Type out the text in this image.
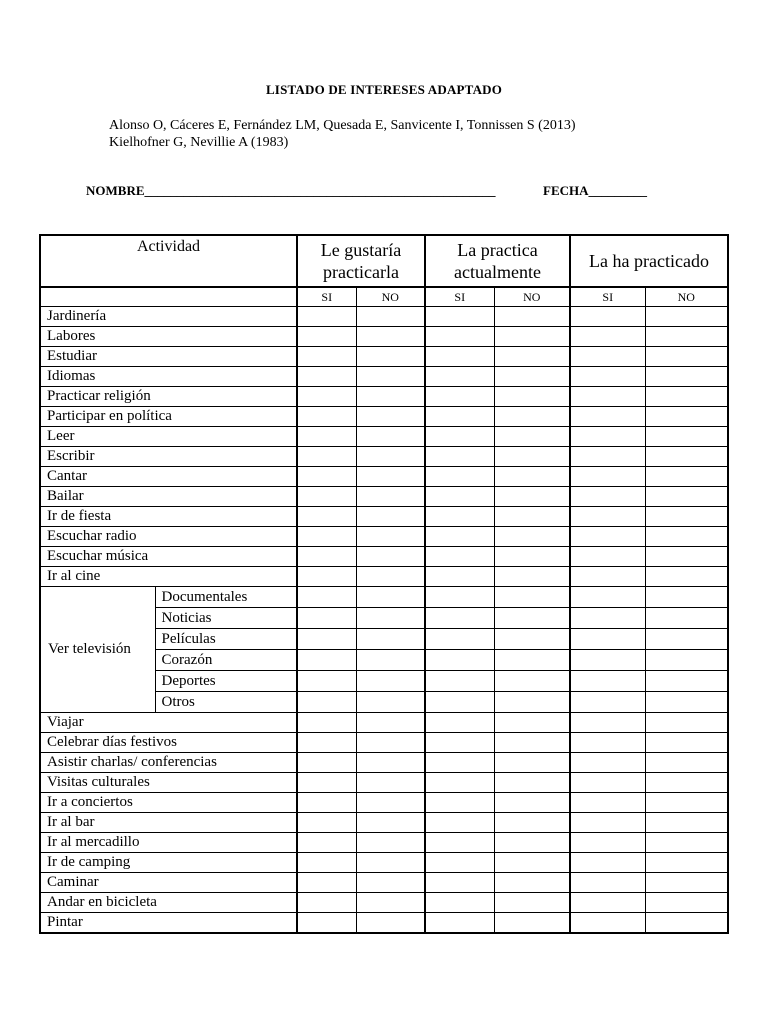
LISTADO DE INTERESES ADAPTADO
Alonso O, Cáceres E, Fernández LM, Quesada E, Sanvicente I, Tonnissen S (2013)
Kielhofner G, Nevillie A (1983)
NOMBRE______________________________________________________	FECHA_________
Actividad		Le gustaría practicarla		La practica actualmente		La ha practicado	
		SI	NO	SI	NO	SI	NO
Jardinería							
Labores							
Estudiar							
Idiomas							
Practicar religión							
Participar en política							
Leer							
Escribir							
Cantar							
Bailar							
Ir de fiesta							
Escuchar radio							
Escuchar música							
Ir al cine							
Ver televisión	Documentales						
	Noticias						
	Películas						
	Corazón						
	Deportes						
	Otros						
Viajar							
Celebrar días festivos							
Asistir charlas/ conferencias							
Visitas culturales							
Ir a conciertos							
Ir al bar							
Ir al mercadillo							
Ir de camping							
Caminar							
Andar en bicicleta							
Pintar							
